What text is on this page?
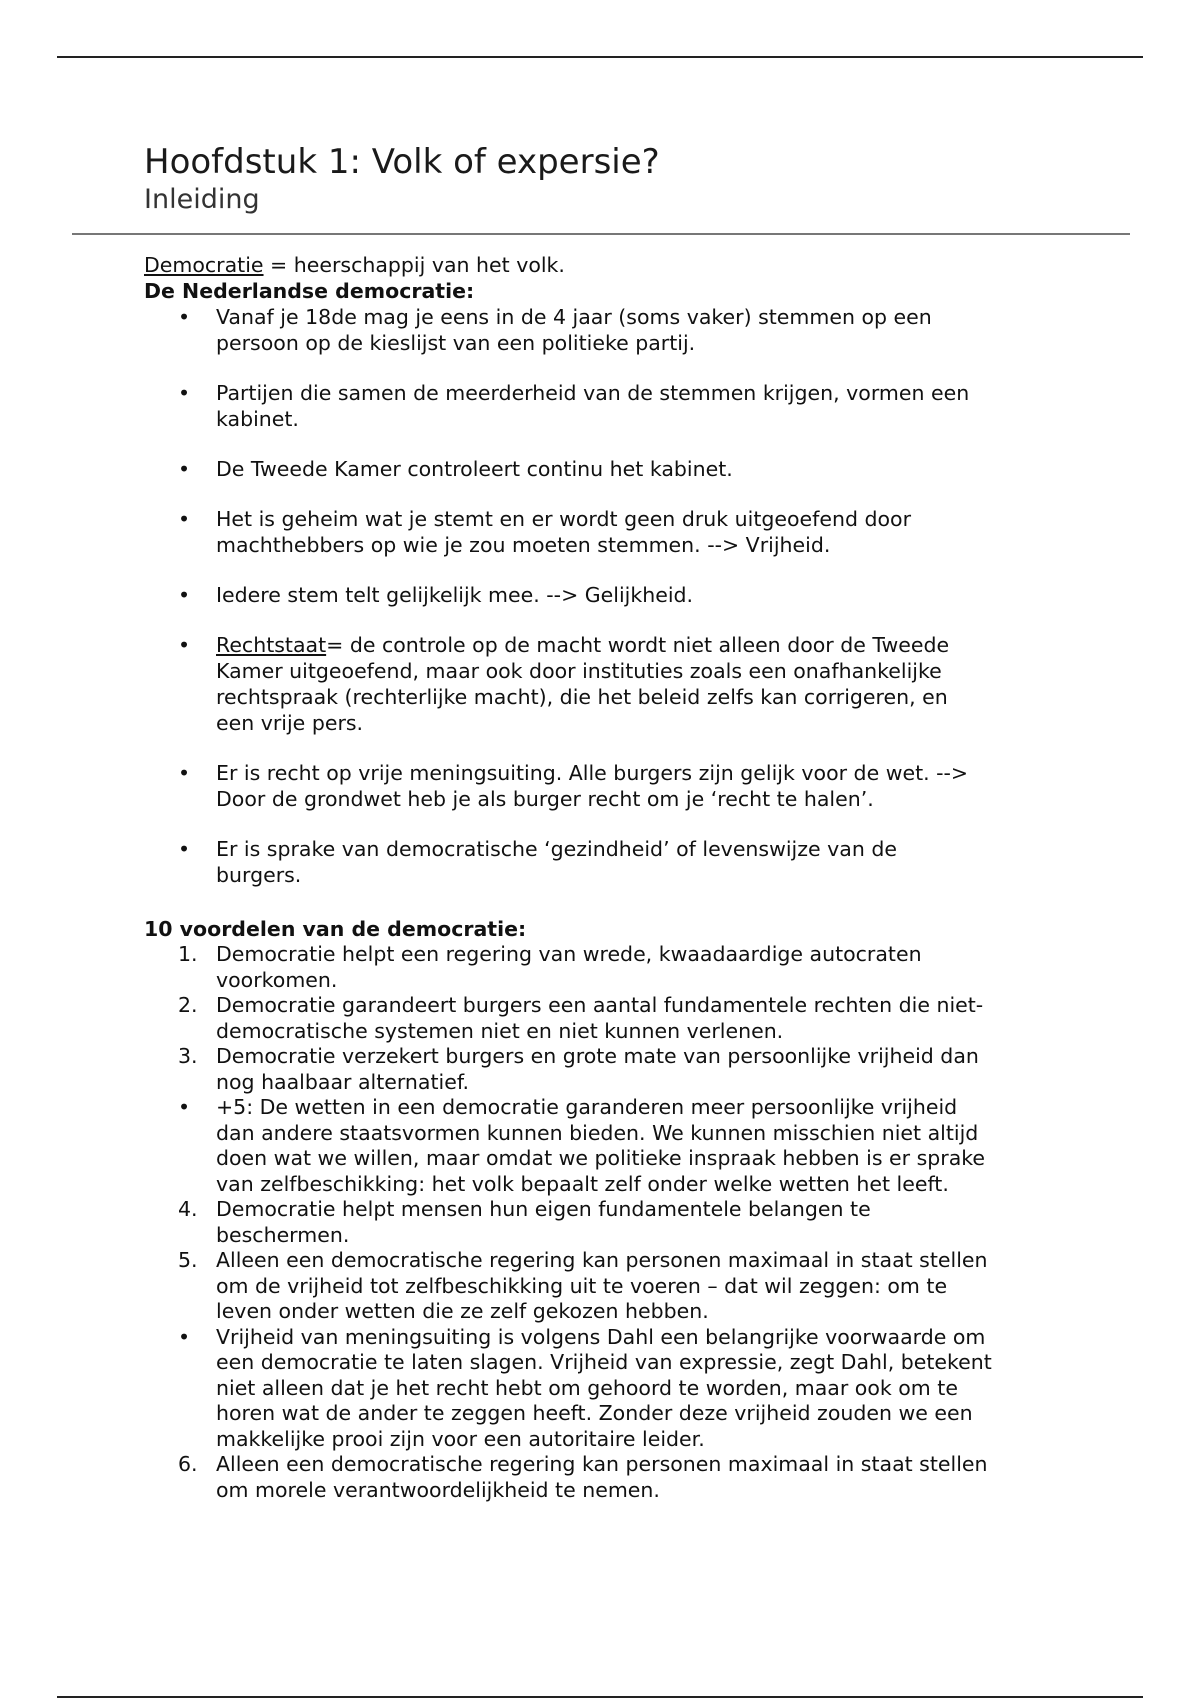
Hoofdstuk 1: Volk of expersie?
Inleiding
Democratie = heerschappij van het volk.
De Nederlandse democratie:
• Vanaf je 18de mag je eens in de 4 jaar (soms vaker) stemmen op een
persoon op de kieslijst van een politieke partij.
• Partijen die samen de meerderheid van de stemmen krijgen, vormen een
kabinet.
• De Tweede Kamer controleert continu het kabinet.
• Het is geheim wat je stemt en er wordt geen druk uitgeoefend door
machthebbers op wie je zou moeten stemmen. --> Vrijheid.
• Iedere stem telt gelijkelijk mee. --> Gelijkheid.
• Rechtstaat= de controle op de macht wordt niet alleen door de Tweede
Kamer uitgeoefend, maar ook door instituties zoals een onafhankelijke
rechtspraak (rechterlijke macht), die het beleid zelfs kan corrigeren, en
een vrije pers.
• Er is recht op vrije meningsuiting. Alle burgers zijn gelijk voor de wet. -->
Door de grondwet heb je als burger recht om je ‘recht te halen’.
• Er is sprake van democratische ‘gezindheid’ of levenswijze van de
burgers.
10 voordelen van de democratie:
1. Democratie helpt een regering van wrede, kwaadaardige autocraten
voorkomen.
2. Democratie garandeert burgers een aantal fundamentele rechten die niet-
democratische systemen niet en niet kunnen verlenen.
3. Democratie verzekert burgers en grote mate van persoonlijke vrijheid dan
nog haalbaar alternatief.
• +5: De wetten in een democratie garanderen meer persoonlijke vrijheid
dan andere staatsvormen kunnen bieden. We kunnen misschien niet altijd
doen wat we willen, maar omdat we politieke inspraak hebben is er sprake
van zelfbeschikking: het volk bepaalt zelf onder welke wetten het leeft.
4. Democratie helpt mensen hun eigen fundamentele belangen te
beschermen.
5. Alleen een democratische regering kan personen maximaal in staat stellen
om de vrijheid tot zelfbeschikking uit te voeren – dat wil zeggen: om te
leven onder wetten die ze zelf gekozen hebben.
• Vrijheid van meningsuiting is volgens Dahl een belangrijke voorwaarde om
een democratie te laten slagen. Vrijheid van expressie, zegt Dahl, betekent
niet alleen dat je het recht hebt om gehoord te worden, maar ook om te
horen wat de ander te zeggen heeft. Zonder deze vrijheid zouden we een
makkelijke prooi zijn voor een autoritaire leider.
6. Alleen een democratische regering kan personen maximaal in staat stellen
om morele verantwoordelijkheid te nemen.
